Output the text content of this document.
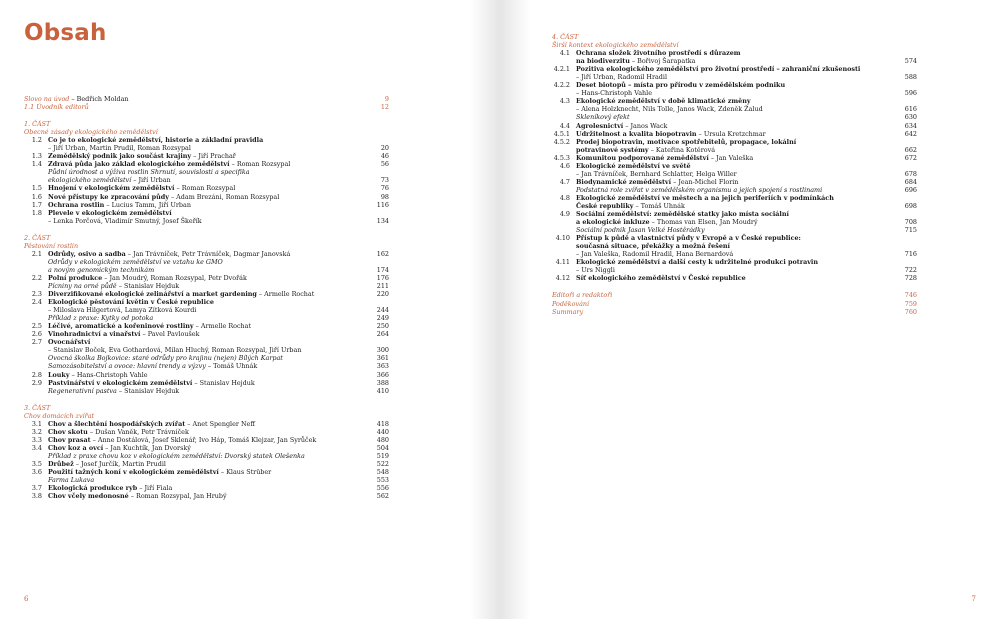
Obsah
Slovo na úvod – Bedřich Moldan	9
1.1 Úvodník editorů	12
1. ČÁST
Obecné zásady ekologického zemědělství
1.2 Co je to ekologické zemědělství, historie a základní pravidla
– Jiří Urban, Martin Prudil, Roman Rozsypal	20
1.3 Zemědělský podnik jako součást krajiny – Jiří Prachař	46
1.4 Zdravá půda jako základ ekologického zemědělství – Roman Rozsypal	56
Půdní úrodnost a výživa rostlin Shrnutí, souvislosti a specifika
ekologického zemědělství – Jiří Urban	73
1.5 Hnojení v ekologickém zemědělství – Roman Rozsypal	76
1.6 Nové přístupy ke zpracování půdy – Adam Brezáni, Roman Rozsypal	98
1.7 Ochrana rostlin – Lucius Tamm, Jiří Urban	116
1.8 Plevele v ekologickém zemědělství
– Lenka Porčová, Vladimír Smutný, Josef Škeřík	134
2. ČÁST
Pěstování rostlin
2.1 Odrůdy, osivo a sadba – Jan Trávníček, Petr Trávníček, Dagmar Janovská	162
Odrůdy v ekologickém zemědělství ve vztahu ke GMO
a novým genomickým technikám	174
2.2 Polní produkce – Jan Moudrý, Roman Rozsypal, Petr Dvořák	176
Pícniny na orné půdě – Stanislav Hejduk	211
2.3 Diverzifikované ekologické zelinářství a market gardening – Armelle Rochat	220
2.4 Ekologické pěstování květin v České republice
– Miloslava Hilgertová, Lamya Zítková Kourdi	244
Příklad z praxe: Kytky od potoka	249
2.5 Léčivé, aromatické a kořeninové rostliny – Armelle Rochat	250
2.6 Vinohradnictví a vinařství – Pavel Pavloušek	264
2.7 Ovocnářství
– Stanislav Boček, Eva Gothardová, Milan Hluchý, Roman Rozsypal, Jiří Urban	300
Ovocná školka Bojkovice: staré odrůdy pro krajinu (nejen) Bílých Karpat	361
Samozásobitelství a ovoce: hlavní trendy a výzvy – Tomáš Uhnák	363
2.8 Louky – Hans-Christoph Vahle	366
2.9 Pastvinářství v ekologickém zemědělství – Stanislav Hejduk	388
Regenerativní pastva – Stanislav Hejduk	410
3. ČÁST
Chov domácích zvířat
3.1 Chov a šlechtění hospodářských zvířat – Anet Spengler Neff	418
3.2 Chov skotu – Dušan Vaněk, Petr Trávníček	440
3.3 Chov prasat – Anne Dostálová, Josef Sklenář, Ivo Háp, Tomáš Klejzar, Jan Syrůček	480
3.4 Chov koz a ovcí – Jan Kuchtík, Jan Dvorský	504
Příklad z praxe chovu koz v ekologickém zemědělství: Dvorský statek Olešenka	519
3.5 Drůbež – Josef Jurčík, Martin Prudil	522
3.6 Použití tažných koní v ekologickém zemědělství – Klaus Strüber	548
Farma Lukava	553
3.7 Ekologická produkce ryb – Jiří Fiala	556
3.8 Chov včely medonosné – Roman Rozsypal, Jan Hrubý	562
6
4. ČÁST
Širší kontext ekologického zemědělství
4.1 Ochrana složek životního prostředí s důrazem
na biodiverzitu – Bořivoj Šarapatka	574
4.2.1 Pozitiva ekologického zemědělství pro životní prostředí – zahraniční zkušenosti
– Jiří Urban, Radomil Hradil	588
4.2.2 Deset biotopů – místa pro přírodu v zemědělském podniku
– Hans-Christoph Vahle	596
4.3 Ekologické zemědělství v době klimatické změny
– Alena Holzknecht, Nils Tolle, Janos Wack, Zdeněk Žalud	616
Skleníkový efekt	630
4.4 Agrolesnictví – Janos Wack	634
4.5.1 Udržitelnost a kvalita biopotravin – Ursula Kretzchmar	642
4.5.2 Prodej biopotravin, motivace spotřebitelů, propagace, lokální
potravinové systémy – Kateřina Kotěrová	662
4.5.3 Komunitou podporované zemědělství – Jan Valeška	672
4.6 Ekologické zemědělství ve světě
– Jan Trávníček, Bernhard Schlatter, Helga Willer	678
4.7 Biodynamické zemědělství – Jean-Michel Florin	684
Podstatná role zvířat v zemědělském organismu a jejich spojení s rostlinami	696
4.8 Ekologické zemědělství ve městech a na jejich periferiích v podmínkách
České republiky – Tomáš Uhnák	698
4.9 Sociální zemědělství: zemědělské statky jako místa sociální
a ekologické inkluze – Thomas van Elsen, Jan Moudrý	708
Sociální podnik Jasan Velké Hostěrádky	715
4.10 Přístup k půdě a vlastnictví půdy v Evropě a v České republice:
současná situace, překážky a možná řešení
– Jan Valeška, Radomil Hradil, Hana Bernardová	716
4.11 Ekologické zemědělství a další cesty k udržitelné produkci potravin
– Urs Niggli	722
4.12 Síť ekologického zemědělství v České republice	728
Editoři a redaktoři	746
Poděkování	759
Summary	760
7
